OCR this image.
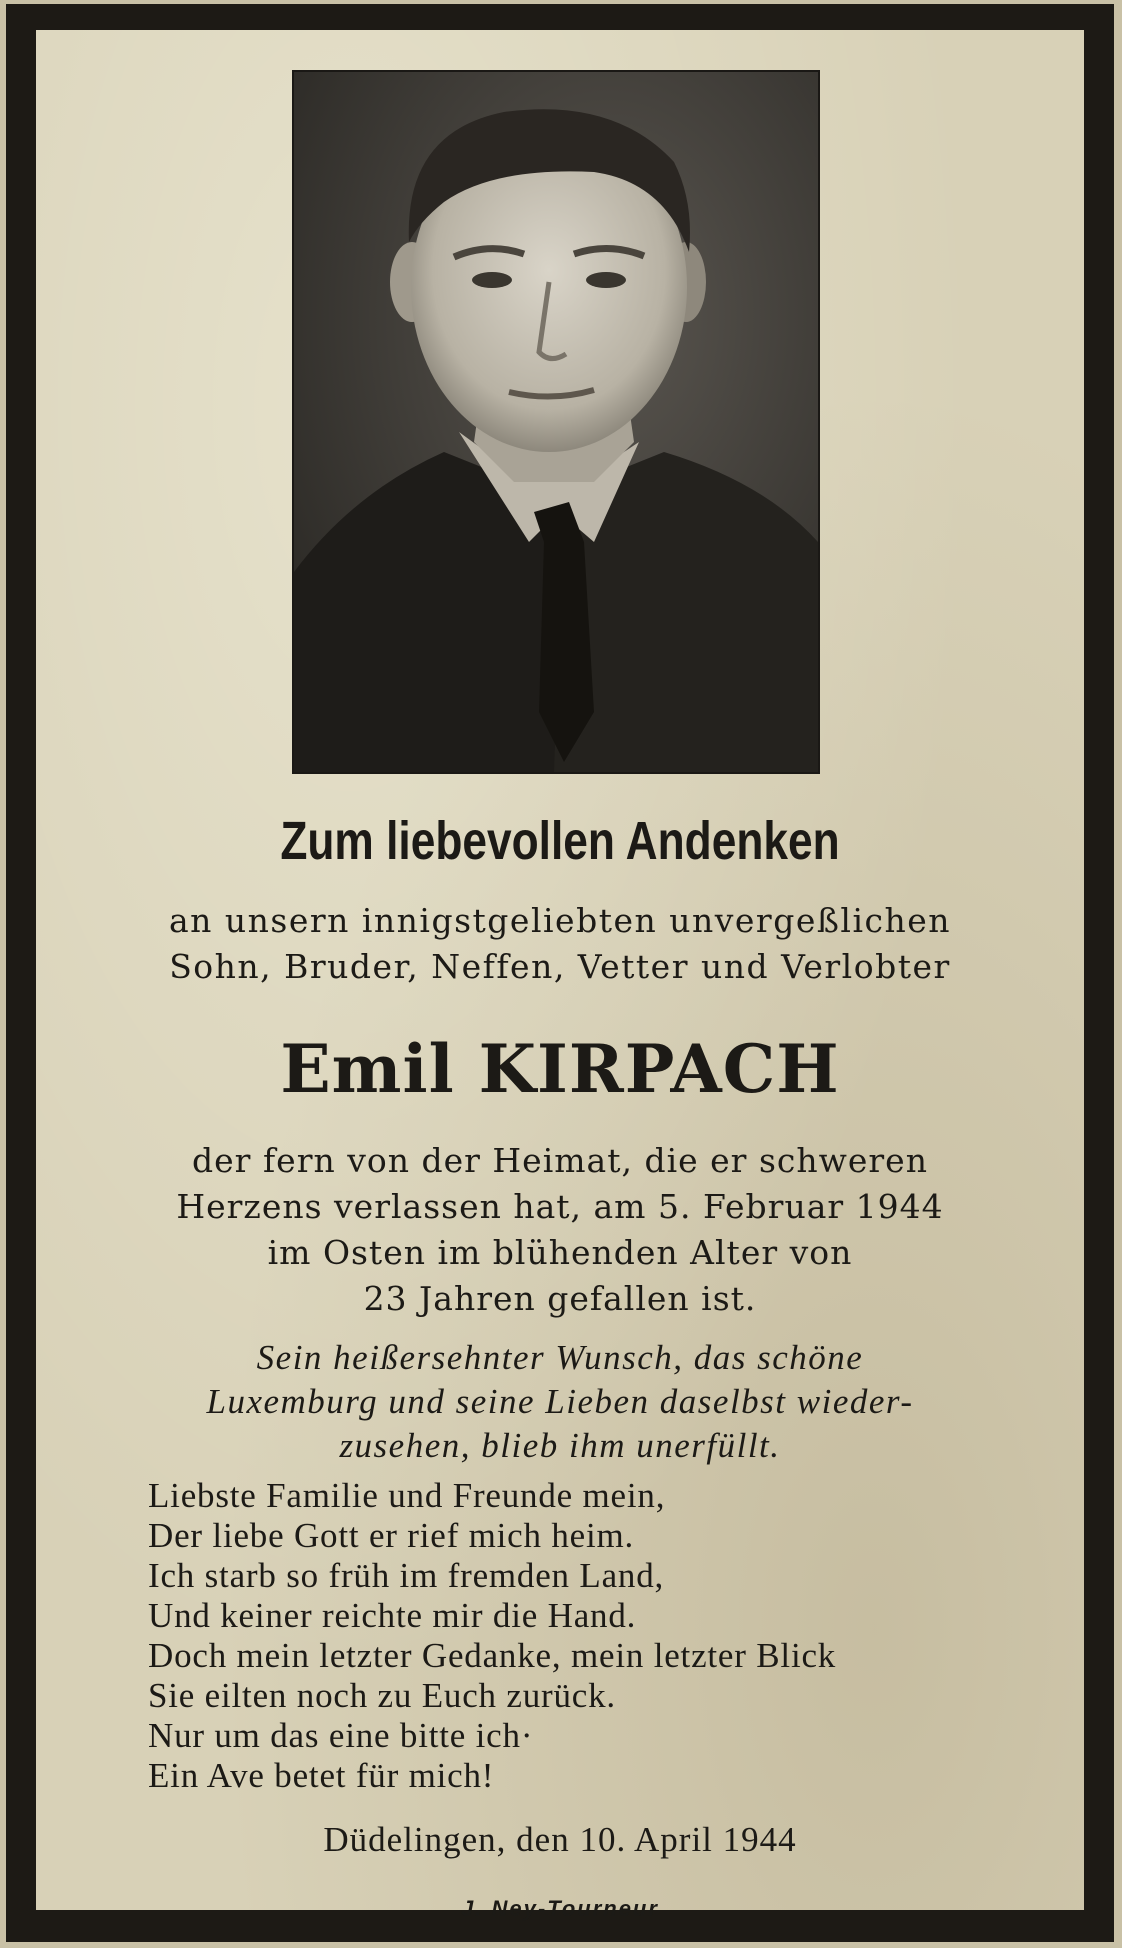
Zum liebevollen Andenken
an unsern innigstgeliebten unvergeßlichen
Sohn, Bruder, Neffen, Vetter und Verlobter
Emil KIRPACH
der fern von der Heimat, die er schweren
Herzens verlassen hat, am 5. Februar 1944
im Osten im blühenden Alter von
23 Jahren gefallen ist.
Sein heißersehnter Wunsch, das schöne
Luxemburg und seine Lieben daselbst wieder-
zusehen, blieb ihm unerfüllt.
Liebste Familie und Freunde mein,
Der liebe Gott er rief mich heim.
Ich starb so früh im fremden Land,
Und keiner reichte mir die Hand.
Doch mein letzter Gedanke, mein letzter Blick
Sie eilten noch zu Euch zurück.
Nur um das eine bitte ich·
Ein Ave betet für mich!
Düdelingen, den 10. April 1944
J. Ney-Tourneur
